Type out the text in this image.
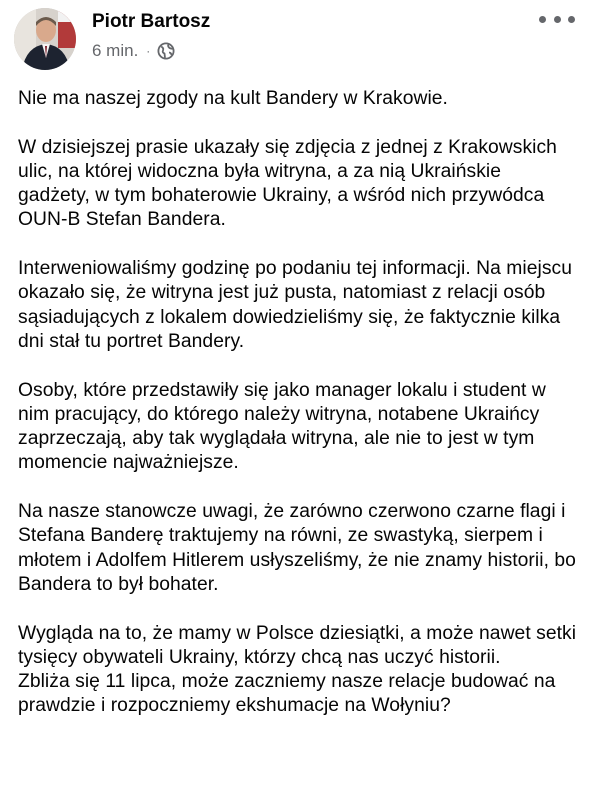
Piotr Bartosz
6 min. ·

Nie ma naszej zgody na kult Bandery w Krakowie.

W dzisiejszej prasie ukazały się zdjęcia z jednej z Krakowskich ulic, na której widoczna była witryna, a za nią Ukraińskie gadżety, w tym bohaterowie Ukrainy, a wśród nich przywódca OUN-B Stefan Bandera.

Interweniowaliśmy godzinę po podaniu tej informacji. Na miejscu okazało się, że witryna jest już pusta, natomiast z relacji osób sąsiadujących z lokalem dowiedzieliśmy się, że faktycznie kilka dni stał tu portret Bandery.

Osoby, które przedstawiły się jako manager lokalu i student w nim pracujący, do którego należy witryna, notabene Ukraińcy zaprzeczają, aby tak wyglądała witryna, ale nie to jest w tym momencie najważniejsze.

Na nasze stanowcze uwagi, że zarówno czerwono czarne flagi i Stefana Banderę traktujemy na równi, ze swastyką, sierpem i młotem i Adolfem Hitlerem usłyszeliśmy, że nie znamy historii, bo Bandera to był bohater.

Wygląda na to, że mamy w Polsce dziesiątki, a może nawet setki tysięcy obywateli Ukrainy, którzy chcą nas uczyć historii.

Zbliża się 11 lipca, może zaczniemy nasze relacje budować na prawdzie i rozpoczniemy ekshumacje na Wołyniu?
